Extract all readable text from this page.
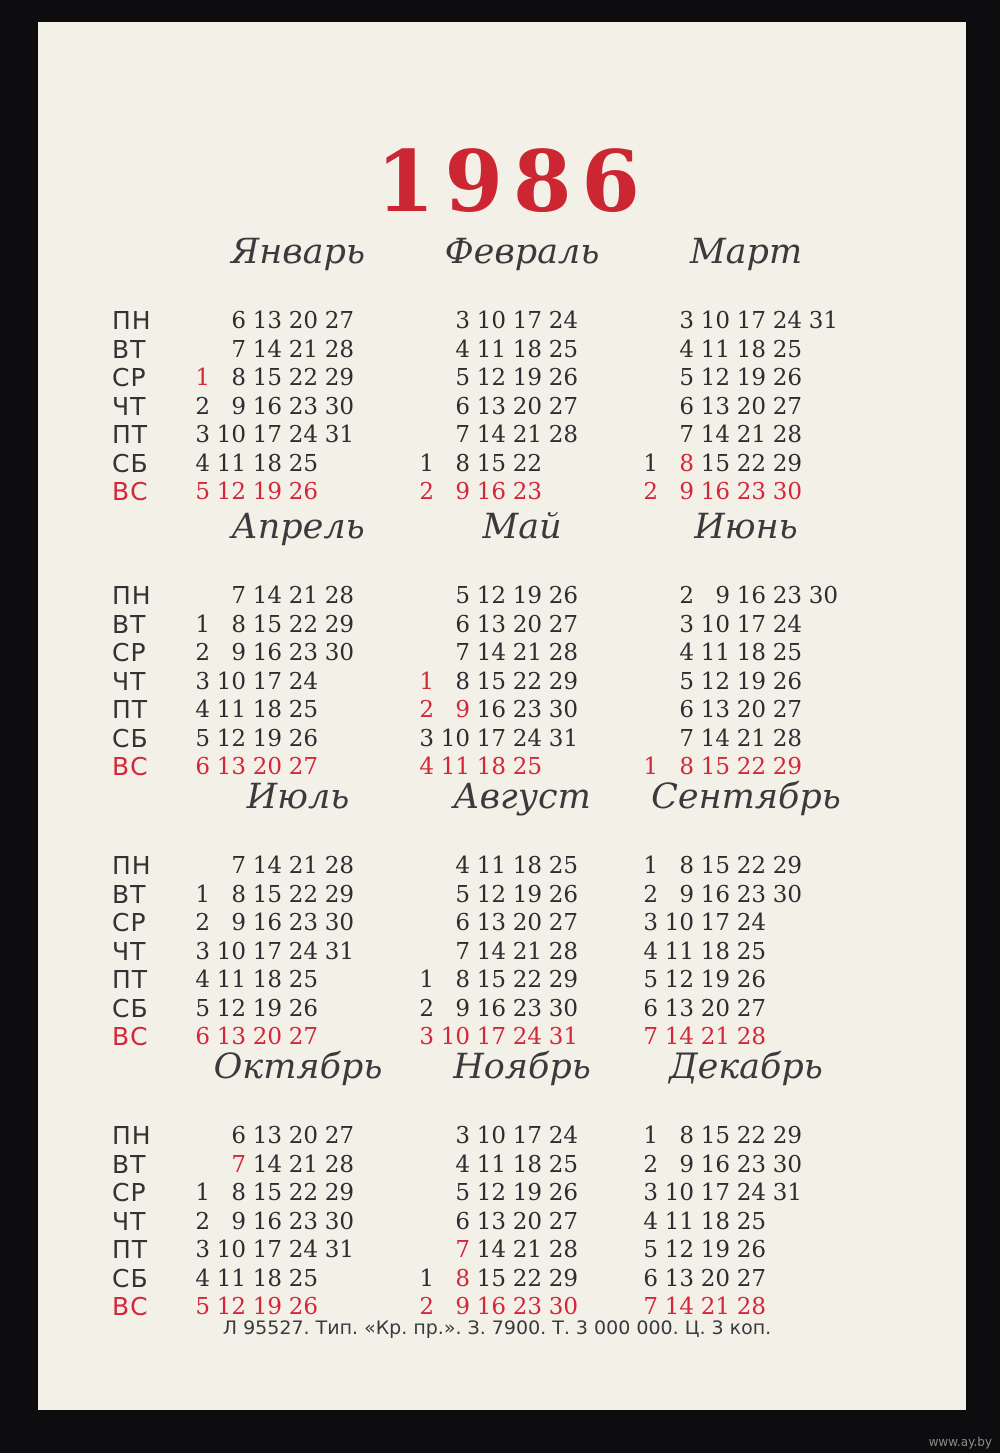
1986
ПН
ВТ
СР
ЧТ
ПТ
СБ
ВС
Январь
1
2
3
4
5
6
7
8
9
10
11
12
13
14
15
16
17
18
19
20
21
22
23
24
25
26
27
28
29
30
31
Февраль
1
2
3
4
5
6
7
8
9
10
11
12
13
14
15
16
17
18
19
20
21
22
23
24
25
26
27
28
Март
1
2
3
4
5
6
7
8
9
10
11
12
13
14
15
16
17
18
19
20
21
22
23
24
25
26
27
28
29
30
31
ПН
ВТ
СР
ЧТ
ПТ
СБ
ВС
Апрель
1
2
3
4
5
6
7
8
9
10
11
12
13
14
15
16
17
18
19
20
21
22
23
24
25
26
27
28
29
30
Май
1
2
3
4
5
6
7
8
9
10
11
12
13
14
15
16
17
18
19
20
21
22
23
24
25
26
27
28
29
30
31
Июнь
1
2
3
4
5
6
7
8
9
10
11
12
13
14
15
16
17
18
19
20
21
22
23
24
25
26
27
28
29
30
ПН
ВТ
СР
ЧТ
ПТ
СБ
ВС
Июль
1
2
3
4
5
6
7
8
9
10
11
12
13
14
15
16
17
18
19
20
21
22
23
24
25
26
27
28
29
30
31
Август
1
2
3
4
5
6
7
8
9
10
11
12
13
14
15
16
17
18
19
20
21
22
23
24
25
26
27
28
29
30
31
Сентябрь
1
2
3
4
5
6
7
8
9
10
11
12
13
14
15
16
17
18
19
20
21
22
23
24
25
26
27
28
29
30
ПН
ВТ
СР
ЧТ
ПТ
СБ
ВС
Октябрь
1
2
3
4
5
6
7
8
9
10
11
12
13
14
15
16
17
18
19
20
21
22
23
24
25
26
27
28
29
30
31
Ноябрь
1
2
3
4
5
6
7
8
9
10
11
12
13
14
15
16
17
18
19
20
21
22
23
24
25
26
27
28
29
30
Декабрь
1
2
3
4
5
6
7
8
9
10
11
12
13
14
15
16
17
18
19
20
21
22
23
24
25
26
27
28
29
30
31
Л 95527. Тип. «Кр. пр.». З. 7900. Т. 3 000 000. Ц. 3 коп.
www.ay.by
